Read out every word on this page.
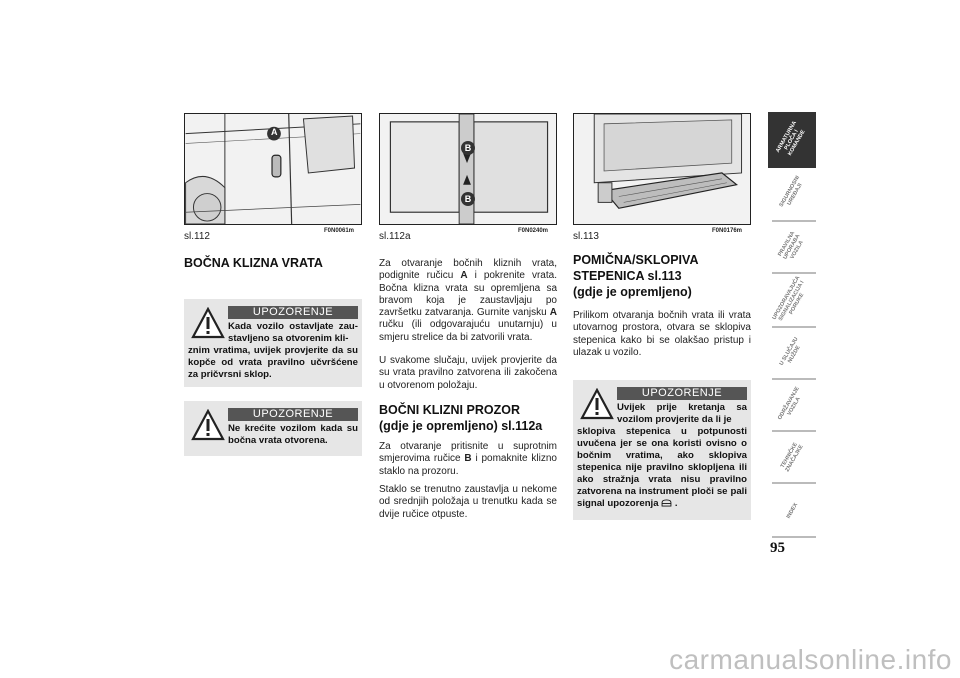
A
F0N0061m
sl.112
B
B
F0N0240m
sl.112a	F0N0176m
sl.113
BOČNA KLIZNA VRATA
UPOZORENJE
Kada vozilo ostavljate zau-stavljeno sa otvorenim kli-
znim vratima, uvijek provjerite da su kopče od vrata pravilno učvršćene za pričvrsni sklop.
UPOZORENJE
Ne krećite vozilom kada su bočna vrata otvorena.
Za otvaranje bočnih kliznih vrata, podignite ručicu A i pokrenite vrata. Bočna klizna vrata su opremljena sa bravom koja je zaustavljaju po završetku zatvaranja. Gurnite vanjsku A ručku (ili odgovarajuću unutarnju) u smjeru strelice da bi zatvorili vrata.
U svakome slučaju, uvijek provjerite da su vrata pravilno zatvorena ili zakočena u otvorenom položaju.
BOČNI KLIZNI PROZOR
(gdje je opremljeno) sl.112a
Za otvaranje pritisnite u suprotnim smjerovima ručice B i pomaknite klizno staklo na prozoru.
Staklo se trenutno zaustavlja u nekome od srednjih položaja u trenutku kada se dvije ručice otpuste.
POMIČNA/SKLOPIVA
STEPENICA sl.113
(gdje je opremljeno)
Prilikom otvaranja bočnih vrata ili vrata utovarnog prostora, otvara se sklopiva stepenica kako bi se olakšao pristup i ulazak u vozilo.
UPOZORENJE
Uvijek prije kretanja sa vozilom provjerite da li je
sklopiva stepenica u potpunosti uvučena jer se ona koristi ovisno o bočnim vratima, ako sklopiva stepenica nije pravilno sklopljena ili ako stražnja vrata nisu pravilno zatvorena na instrument ploči se pali signal upozorenja .
ARMATURNA
PLOČA I
KOMANDE
SIGURNOSNI
UREĐAJI
PRAVILNA
UPORABA
VOZILA
UPOZORAVAJUĆA
SIGNALIZACIJA I
PORUKE
U SLUČAJU
NUŽDE
ODRŽAVANJE
VOZILA
TEHNIČKE
ZNAČAJKE
INDEX
95
carmanualsonline.info
